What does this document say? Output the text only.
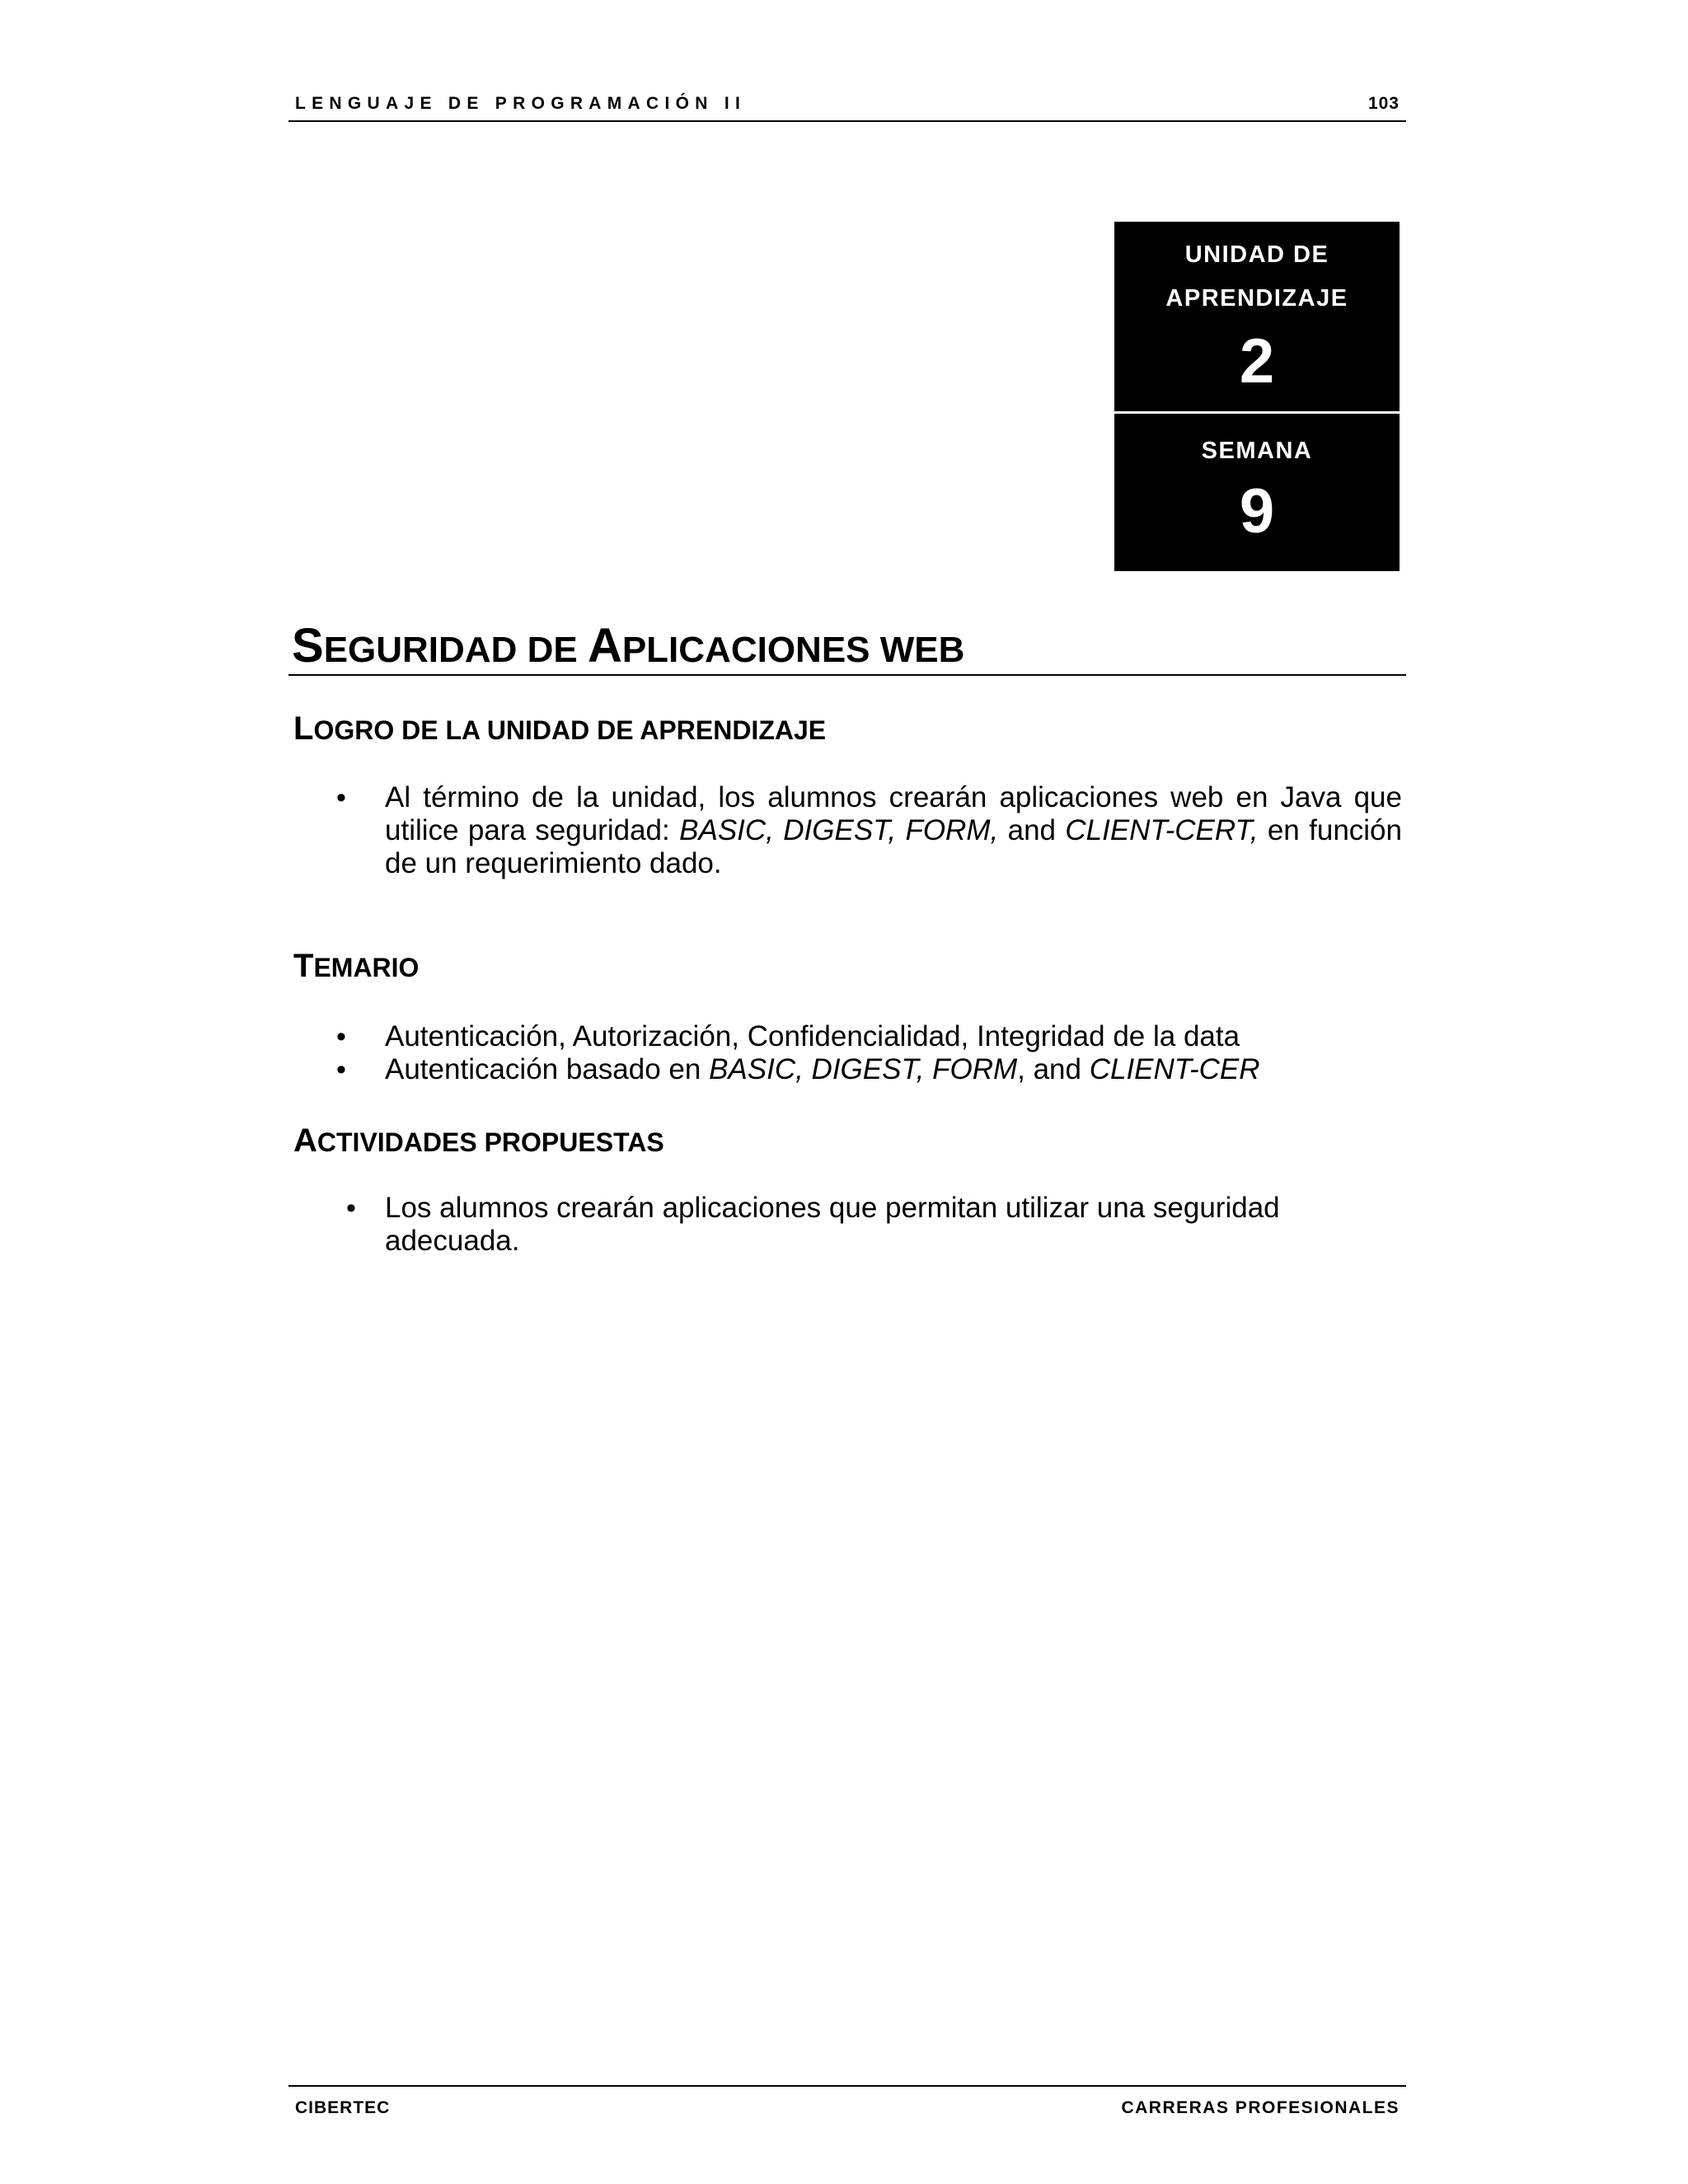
LENGUAJE DE PROGRAMACIÓN II	103
UNIDAD DE
APRENDIZAJE
2
SEMANA
9
SEGURIDAD DE APLICACIONES WEB
LOGRO DE LA UNIDAD DE APRENDIZAJE
• Al término de la unidad, los alumnos crearán aplicaciones web en Java que utilice para seguridad: BASIC, DIGEST, FORM, and CLIENT-CERT, en función de un requerimiento dado.
TEMARIO
• Autenticación, Autorización, Confidencialidad, Integridad de la data
• Autenticación basado en BASIC, DIGEST, FORM, and CLIENT-CER
ACTIVIDADES PROPUESTAS
• Los alumnos crearán aplicaciones que permitan utilizar una seguridad adecuada.
CIBERTEC	CARRERAS PROFESIONALES
